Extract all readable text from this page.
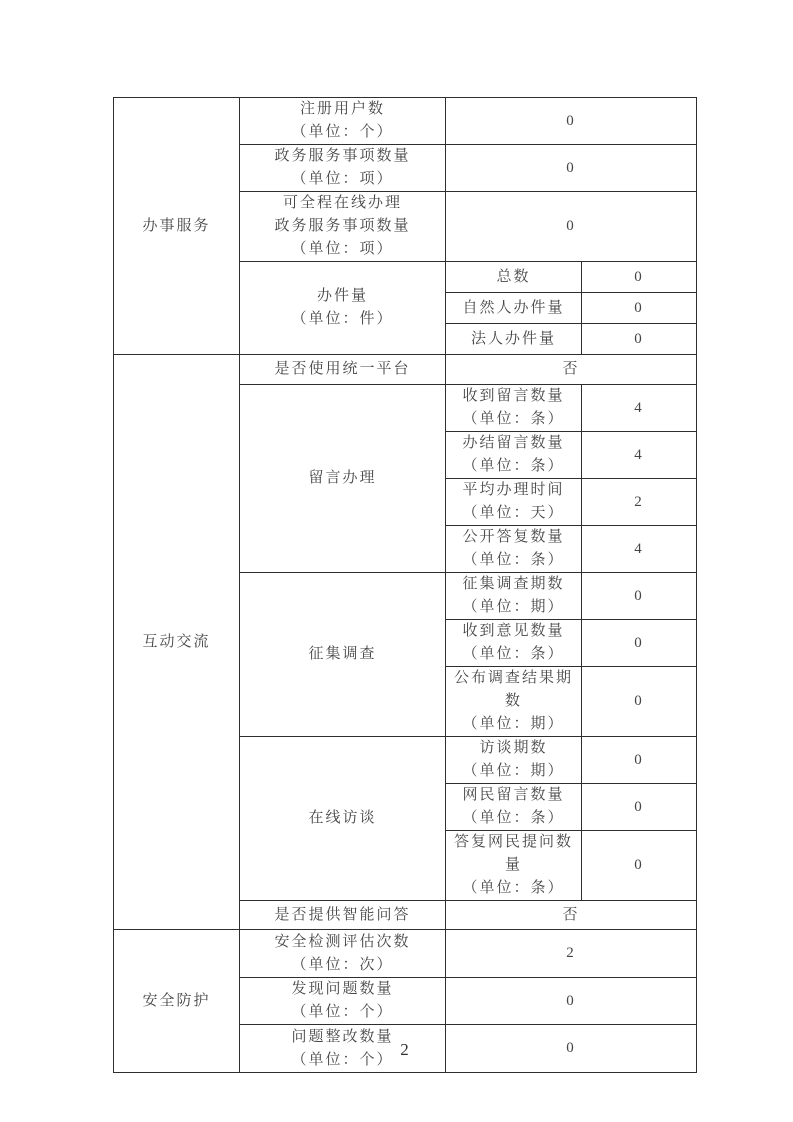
办事服务	注册用户数
（单位：个）	0	

	政务服务事项数量
（单位：项）	0	

	可全程在线办理
政务服务事项数量
（单位：项）	0	

	办件量
（单位：件）	总数	0
		自然人办件量	0
		法人办件量	0

互动交流	是否使用统一平台	否	

	留言办理	收到留言数量
（单位：条）	4

		办结留言数量
（单位：条）	4

		平均办理时间
（单位：天）	2

		公开答复数量
（单位：条）	4

	征集调查	征集调查期数
（单位：期）	0

		收到意见数量
（单位：条）	0

		公布调查结果期数
（单位：期）	0

	在线访谈	访谈期数
（单位：期）	0

		网民留言数量
（单位：条）	0

		答复网民提问数量
（单位：条）	0
	是否提供智能问答	否	

安全防护	安全检测评估次数
（单位：次）	2	

	发现问题数量
（单位：个）	0	

	问题整改数量
（单位：个）	0	
2
